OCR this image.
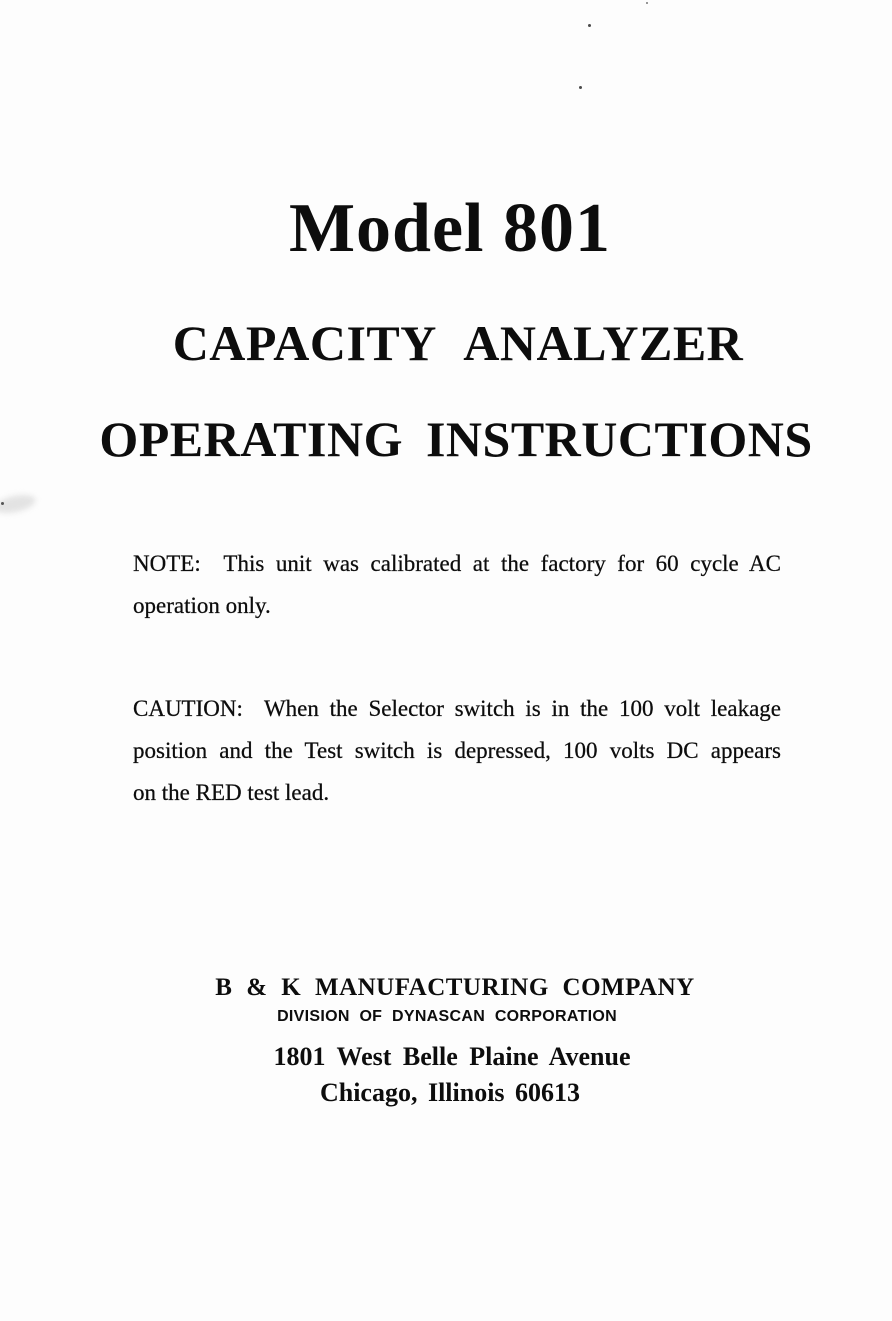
Model 801
CAPACITY ANALYZER
OPERATING INSTRUCTIONS
NOTE:  This unit was calibrated at the factory for 60 cycle AC
operation only.
CAUTION:  When the Selector switch is in the 100 volt leakage
position and the Test switch is depressed, 100 volts DC appears
on the RED test lead.
B & K MANUFACTURING COMPANY
DIVISION OF DYNASCAN CORPORATION
1801 West Belle Plaine Avenue
Chicago, Illinois 60613
